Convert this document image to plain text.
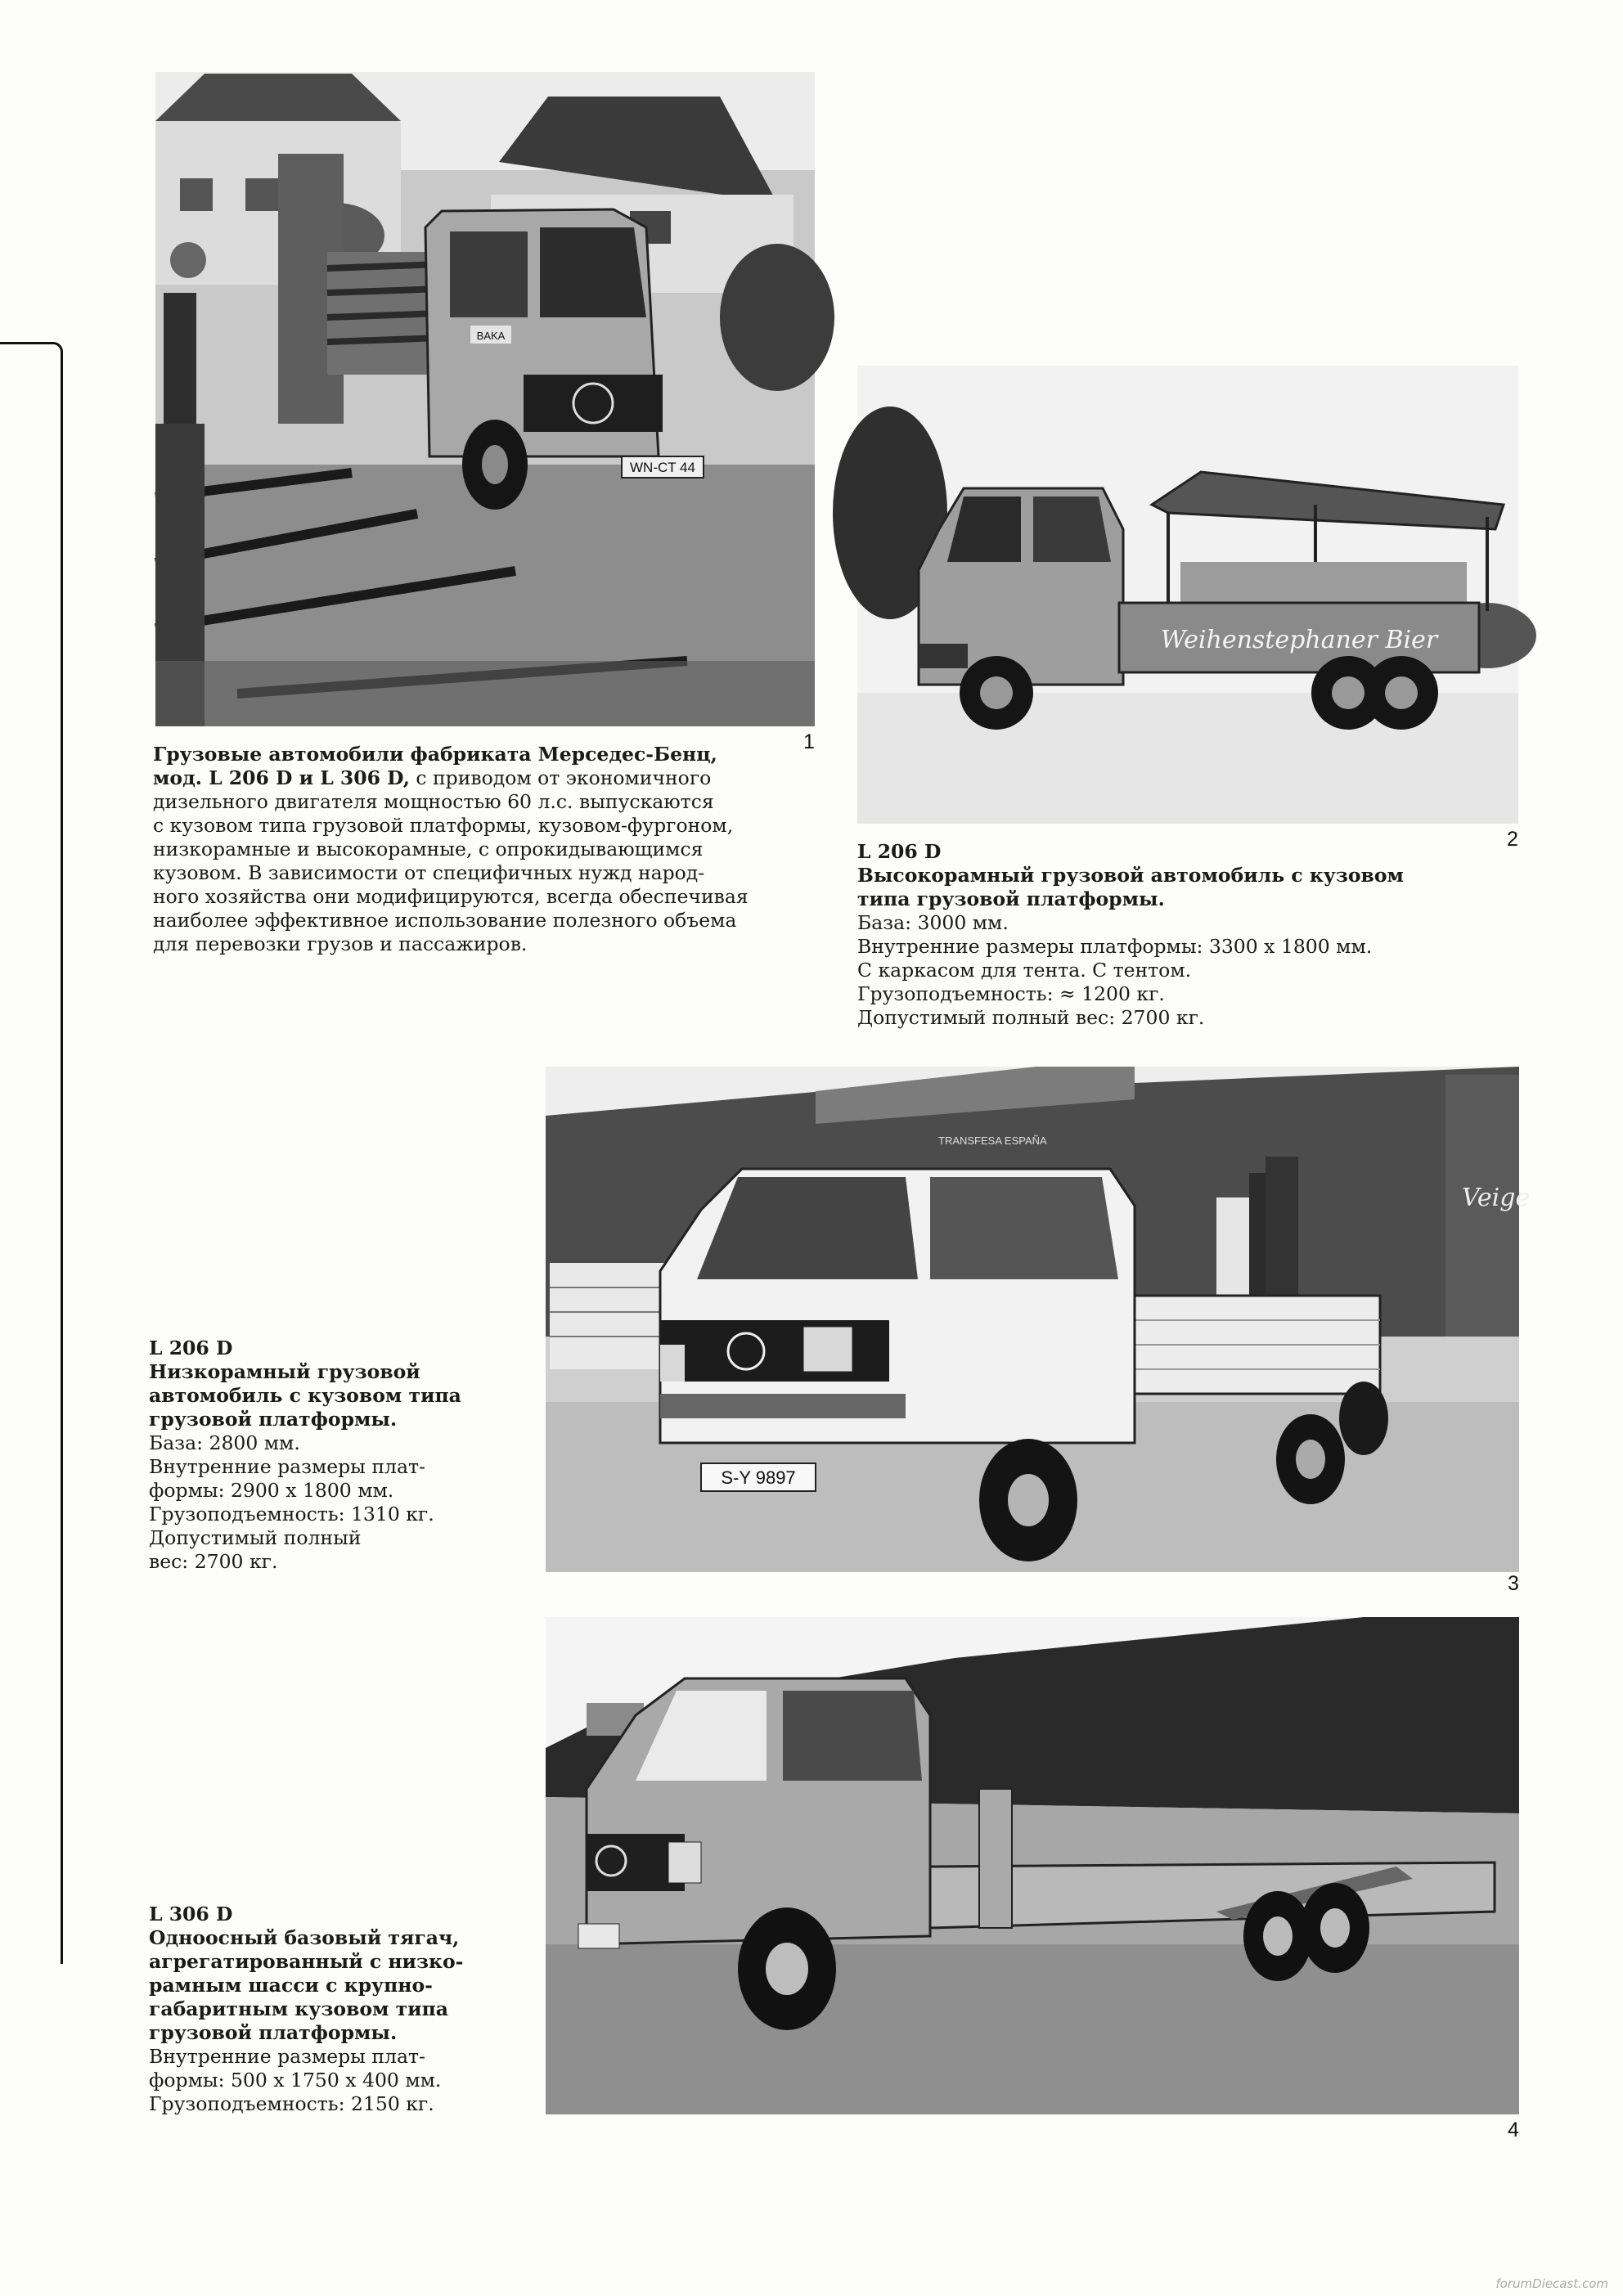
WN-CT 44
BAKA
1
Грузовые автомобили фабриката Мерседес-Бенц,
мод. L 206 D и L 306 D, с приводом от экономичного
дизельного двигателя мощностью 60 л.с. выпускаются
с кузовом типа грузовой платформы, кузовом-фургоном,
низкорамные и высокорамные, с опрокидывающимся
кузовом. В зависимости от специфичных нужд народ-
ного хозяйства они модифицируются, всегда обеспечивая
наиболее эффективное использование полезного объема
для перевозки грузов и пассажиров.
Weihenstephaner Bier
2
L 206 D
Высокорамный грузовой автомобиль с кузовом
типа грузовой платформы.
База: 3000 мм.
Внутренние размеры платформы: 3300 x 1800 мм.
С каркасом для тента. С тентом.
Грузоподъемность: ≈ 1200 кг.
Допустимый полный вес: 2700 кг.
TRANSFESA ESPAÑA
Veige
S-Y 9897
3
L 206 D
Низкорамный грузовой
автомобиль с кузовом типа
грузовой платформы.
База: 2800 мм.
Внутренние размеры плат-
формы: 2900 x 1800 мм.
Грузоподъемность: 1310 кг.
Допустимый полный
вес: 2700 кг.
4
L 306 D
Одноосный базовый тягач,
агрегатированный с низко-
рамным шасси с крупно-
габаритным кузовом типа
грузовой платформы.
Внутренние размеры плат-
формы: 500 x 1750 x 400 мм.
Грузоподъемность: 2150 кг.
forumDiecast.com
